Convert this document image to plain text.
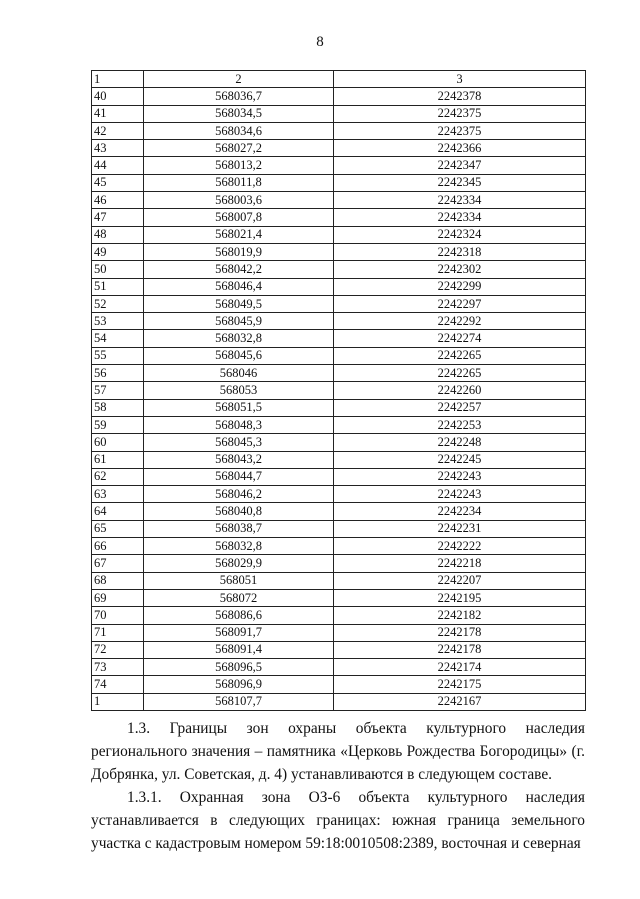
8
1	2	3
40	568036,7	2242378
41	568034,5	2242375
42	568034,6	2242375
43	568027,2	2242366
44	568013,2	2242347
45	568011,8	2242345
46	568003,6	2242334
47	568007,8	2242334
48	568021,4	2242324
49	568019,9	2242318
50	568042,2	2242302
51	568046,4	2242299
52	568049,5	2242297
53	568045,9	2242292
54	568032,8	2242274
55	568045,6	2242265
56	568046	2242265
57	568053	2242260
58	568051,5	2242257
59	568048,3	2242253
60	568045,3	2242248
61	568043,2	2242245
62	568044,7	2242243
63	568046,2	2242243
64	568040,8	2242234
65	568038,7	2242231
66	568032,8	2242222
67	568029,9	2242218
68	568051	2242207
69	568072	2242195
70	568086,6	2242182
71	568091,7	2242178
72	568091,4	2242178
73	568096,5	2242174
74	568096,9	2242175
1	568107,7	2242167

1.3. Границы зон охраны объекта культурного наследия регионального значения – памятника «Церковь Рождества Богородицы» (г. Добрянка, ул. Советская, д. 4) устанавливаются в следующем составе.

1.3.1. Охранная зона ОЗ-6 объекта культурного наследия устанавливается в следующих границах: южная граница земельного участка с кадастровым номером 59:18:0010508:2389, восточная и северная
